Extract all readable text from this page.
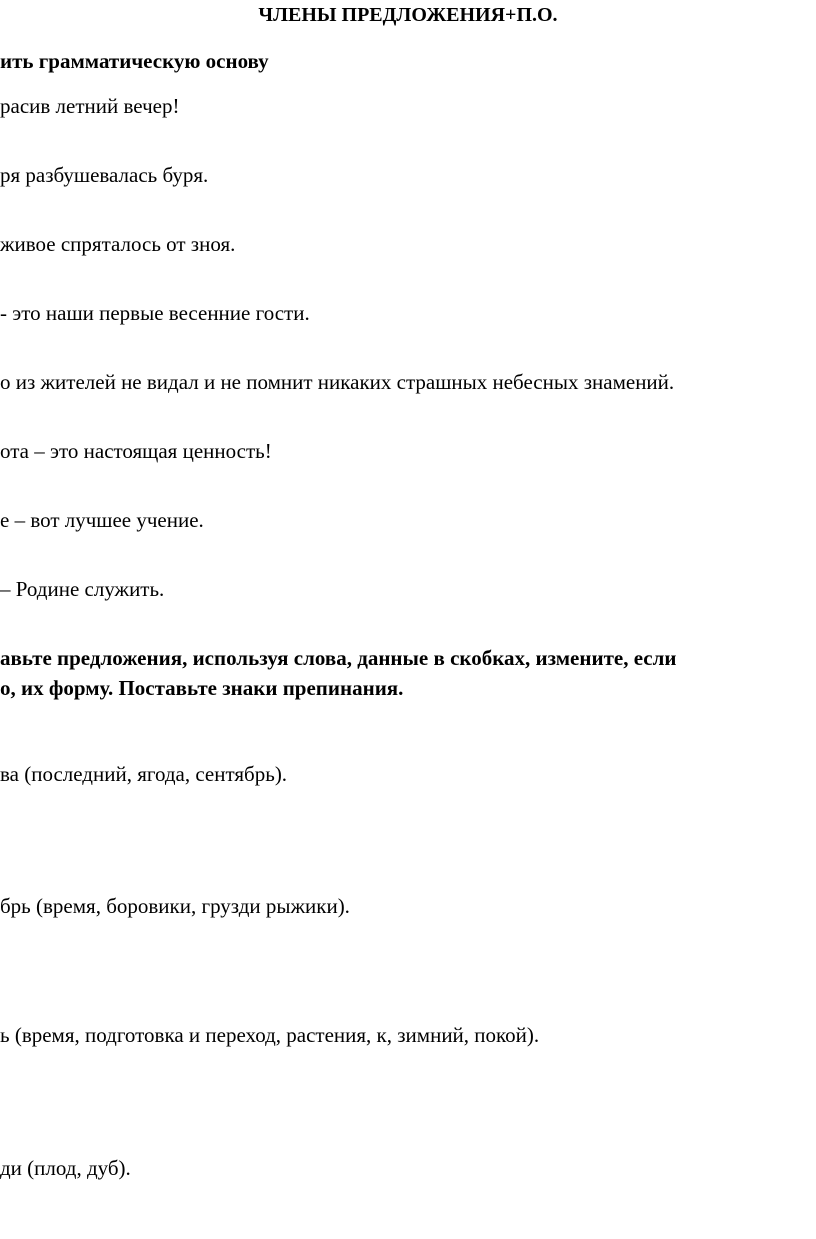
ЧЛЕНЫ ПРЕДЛОЖЕНИЯ+П.О.

ить грамматическую основу

расив летний вечер!

ря разбушевалась буря.

живое спряталось от зноя.

- это наши первые весенние гости.

о из жителей не видал и не помнит никаких страшных небесных знамений.

ота – это настоящая ценность!

е – вот лучшее учение.

– Родине служить.

авьте предложения, используя слова, данные в скобках, измените, если

о, их форму. Поставьте знаки препинания.

ва (последний, ягода, сентябрь).

брь (время, боровики, грузди рыжики).

ь (время, подготовка и переход, растения, к, зимний, покой).

ди (плод, дуб).
